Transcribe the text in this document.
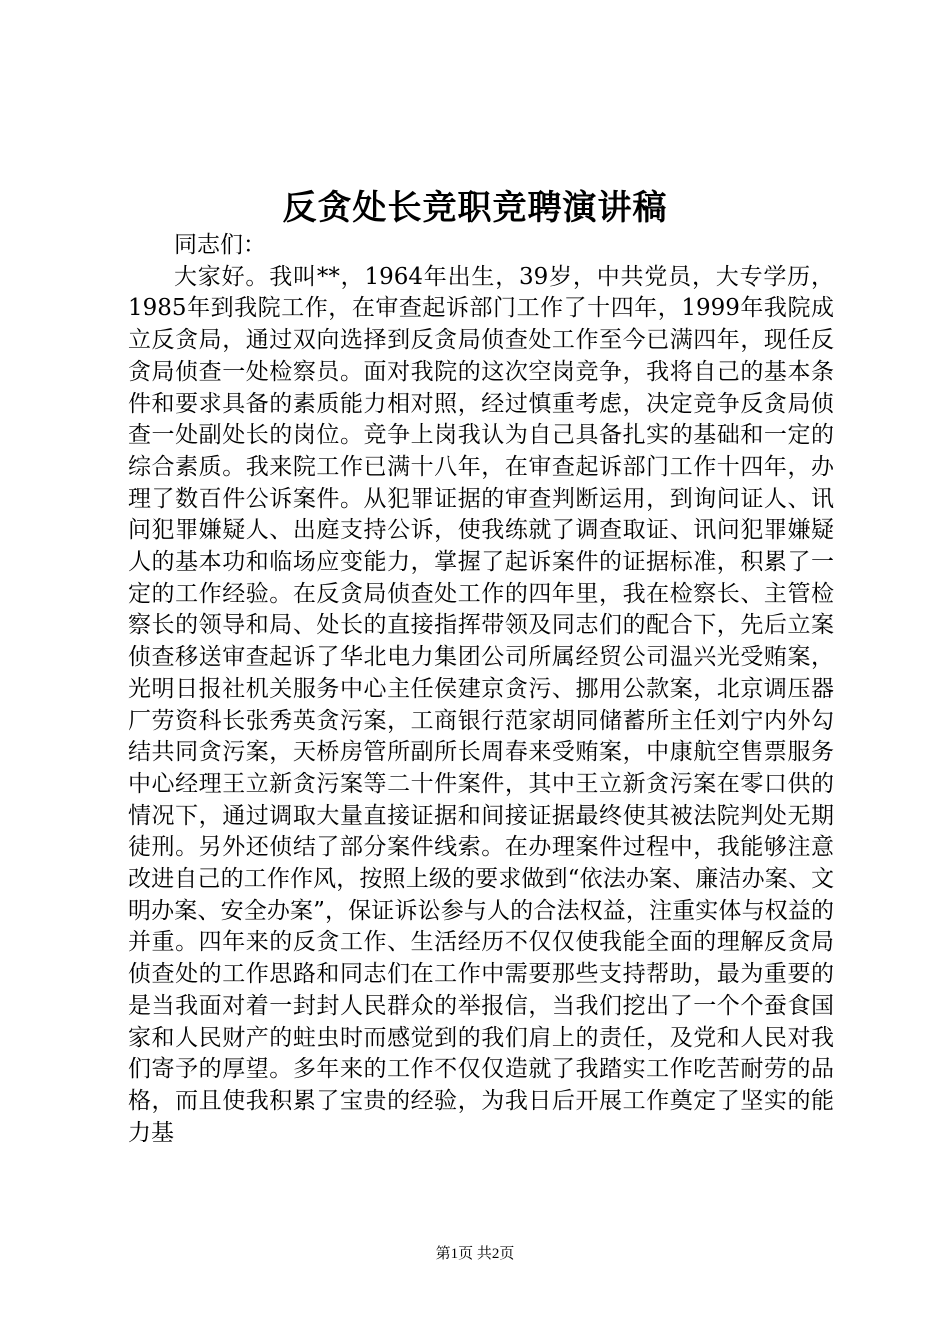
反贪处长竞职竞聘演讲稿

同志们：

大家好。我叫**，1964年出生，39岁，中共党员，大专学历，1985年到我院工作，在审查起诉部门工作了十四年，1999年我院成立反贪局，通过双向选择到反贪局侦查处工作至今已满四年，现任反贪局侦查一处检察员。面对我院的这次空岗竞争，我将自己的基本条件和要求具备的素质能力相对照，经过慎重考虑，决定竞争反贪局侦查一处副处长的岗位。竞争上岗我认为自己具备扎实的基础和一定的综合素质。我来院工作已满十八年，在审查起诉部门工作十四年，办理了数百件公诉案件。从犯罪证据的审查判断运用，到询问证人、讯问犯罪嫌疑人、出庭支持公诉，使我练就了调查取证、讯问犯罪嫌疑人的基本功和临场应变能力，掌握了起诉案件的证据标准，积累了一定的工作经验。在反贪局侦查处工作的四年里，我在检察长、主管检察长的领导和局、处长的直接指挥带领及同志们的配合下，先后立案侦查移送审查起诉了华北电力集团公司所属经贸公司温兴光受贿案，光明日报社机关服务中心主任侯建京贪污、挪用公款案，北京调压器厂劳资科长张秀英贪污案，工商银行范家胡同储蓄所主任刘宁内外勾结共同贪污案，天桥房管所副所长周春来受贿案，中康航空售票服务中心经理王立新贪污案等二十件案件，其中王立新贪污案在零口供的情况下，通过调取大量直接证据和间接证据最终使其被法院判处无期徒刑。另外还侦结了部分案件线索。在办理案件过程中，我能够注意改进自己的工作作风，按照上级的要求做到“依法办案、廉洁办案、文明办案、安全办案”，保证诉讼参与人的合法权益，注重实体与权益的并重。四年来的反贪工作、生活经历不仅仅使我能全面的理解反贪局侦查处的工作思路和同志们在工作中需要那些支持帮助，最为重要的是当我面对着一封封人民群众的举报信，当我们挖出了一个个蚕食国家和人民财产的蛀虫时而感觉到的我们肩上的责任，及党和人民对我们寄予的厚望。多年来的工作不仅仅造就了我踏实工作吃苦耐劳的品格，而且使我积累了宝贵的经验，为我日后开展工作奠定了坚实的能力基

第1页 共2页
